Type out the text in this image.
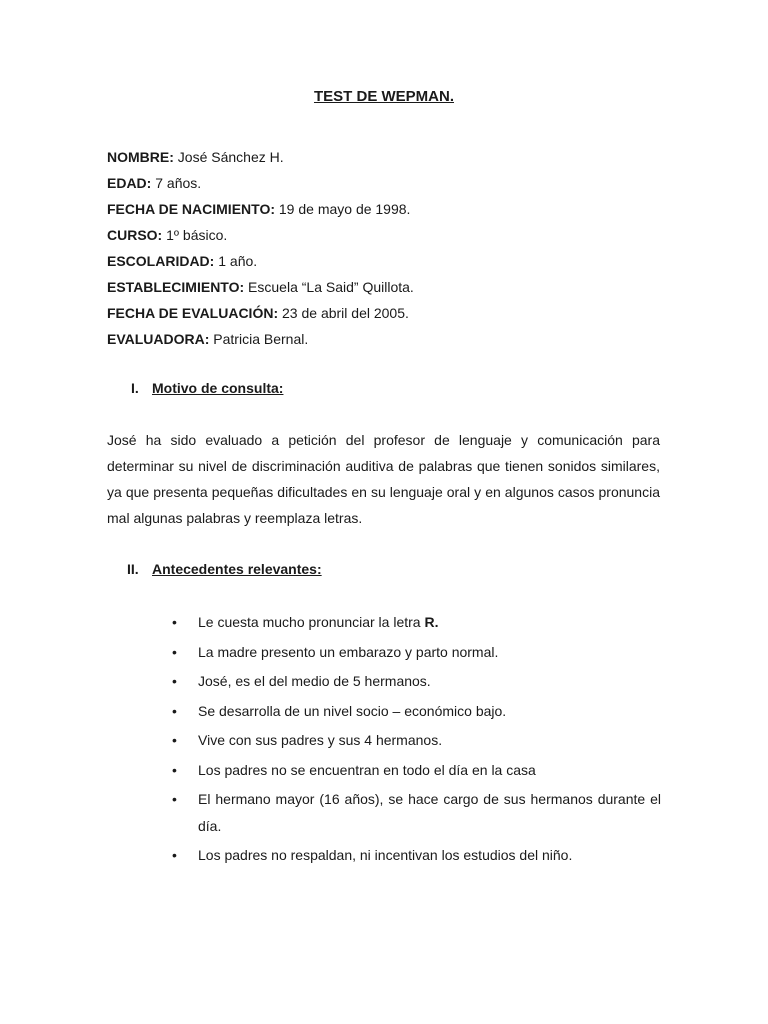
TEST DE WEPMAN.
NOMBRE: José Sánchez H.
EDAD: 7 años.
FECHA DE NACIMIENTO: 19 de mayo de 1998.
CURSO: 1º básico.
ESCOLARIDAD: 1 año.
ESTABLECIMIENTO: Escuela “La Said” Quillota.
FECHA DE EVALUACIÓN: 23 de abril del 2005.
EVALUADORA: Patricia Bernal.
I. Motivo de consulta:
José ha sido evaluado a petición del profesor de lenguaje y comunicación para determinar su nivel de discriminación auditiva de palabras que tienen sonidos similares, ya que presenta pequeñas dificultades en su lenguaje oral y en algunos casos pronuncia mal algunas palabras y reemplaza letras.
II. Antecedentes relevantes:
• Le cuesta mucho pronunciar la letra R.
• La madre presento un embarazo y parto normal.
• José, es el del medio de 5 hermanos.
• Se desarrolla de un nivel socio – económico bajo.
• Vive con sus padres y sus 4 hermanos.
• Los padres no se encuentran en todo el día en la casa
• El hermano mayor (16 años), se hace cargo de sus hermanos durante el día.
• Los padres no respaldan, ni incentivan los estudios del niño.
